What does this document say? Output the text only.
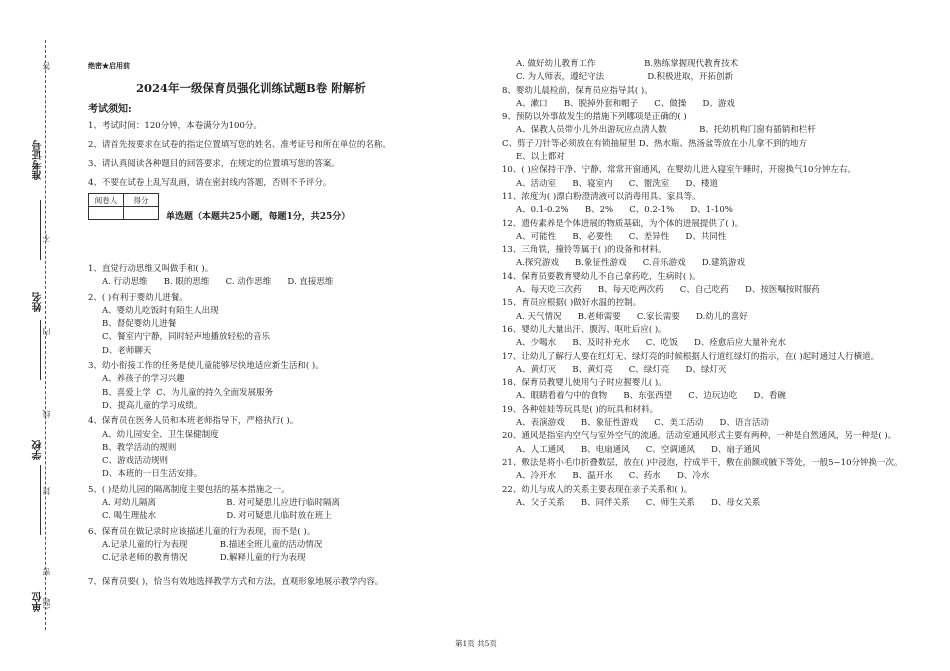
准考证号
姓名
学校
单位
答
不
内
线
封
密
(题
绝密★启用前
2024年一级保育员强化训练试题B卷 附解析
考试须知:
1、考试时间：120分钟，本卷满分为100分。
2、请首先按要求在试卷的指定位置填写您的姓名、准考证号和所在单位的名称。
3、请认真阅读各种题目的回答要求，在规定的位置填写您的答案。
4、不要在试卷上乱写乱画，请在密封线内答题，否则不予评分。
阅卷人	得分

单选题（本题共25小题，每题1分，共25分）
1、直觉行动思维又叫做手和( )。
A. 行动思维      B. 眼的思维      C. 动作思维      D. 直接思维
2、( )有利于婴幼儿进餐。
A、婴幼儿吃饭时有陌生人出现
B、督促婴幼儿进餐
C、餐室内宁静，同时轻声地播放轻松的音乐
D、老师聊天
3、幼小衔接工作的任务是使儿童能够尽快地适应新生活和( )。
A、养孩子的学习兴趣
B、喜爱上学  C、为儿童的持久全面发展服务
D、提高儿童的学习成绩。
4、保育员在医务人员和本班老师指导下，严格执行( )。
A、幼儿园安全、卫生保健制度
B、教学活动的规则
C、游戏活动规则
D、本班的一日生活安排。
5、( )是幼儿园的隔离制度主要包括的基本措施之一。
A. 对幼儿隔离                          B. 对可疑患儿应进行临时隔离
C. 喝生理盐水                          D. 对可疑患儿临时放在班上
6、保育员在做记录时应该描述儿童的行为表现，而不是( )。
A.记录儿童的行为表现            B.描述全班儿童的活动情况
C.记录老师的教育情况            D.解释儿童的行为表现
7、保育员要( )，恰当有效地选择教学方式和方法，直观形象地展示教学内容。
A. 做好幼儿教育工作                  B.熟练掌握现代教育技术
C. 为人师表，遵纪守法                D.积极进取，开拓创新
8、婴幼儿晨检前，保育员应指导其( )。
A、漱口      B、脱掉外套和帽子      C、做操      D、游戏
9、预防以外事故发生的措施下列哪项是正确的( )
A、保教人员带小儿外出游玩应点清人数            B、托幼机构门窗有插销和栏杆
C、剪子刀针等必须放在有锁抽屉里 D、热水瓶、热汤盆等放在小儿拿不到的地方
E、以上都对
10、( )应保持干净、宁静、常常开窗通风，在婴幼儿进入寝室午睡时，开窗换气10分钟左右。
A、活动室      B、寝室内      C、盥洗室      D、楼道
11、浓度为( )漂白粉澄清液可以消毒用具、家具等。
A、0.1-0.2%      B、2%      C、0.2-1%      D、1-10%
12、遗传素养是个体进展的物质基础，为个体的进展提供了( )。
A、可能性      B、必要性      C、差异性      D、共同性
13、三角铁，撞铃等属于( )的设备和材料。
A.探究游戏      B.象征性游戏      C.音乐游戏      D.建筑游戏
14、保育员要教育婴幼儿不自己拿药吃，生病时( )。
A、每天吃三次药      B、每天吃两次药      C、自己吃药      D、按医嘱按时服药
15、育员应根据( )做好水温的控制。
A. 天气情况      B.老师需要      C.家长需要      D.幼儿的喜好
16、婴幼儿大量出汗、腹泻、呕吐后应( )。
A、少喝水      B、及时补充水      C、吃饭      D、痊愈后应大量补充水
17、让幼儿了解行人要在红灯无、绿灯亮的时候根据人行道红绿灯的指示，在( )起时通过人行横道。
A、黄灯灭      B、黄灯亮      C、绿灯亮      D、绿灯灭
18、保育员教婴儿使用勺子时应握婴儿( )。
A、眼睛看着勺中的食物      B、东张西望      C、边玩边吃      D、看碗
19、各种娃娃等玩具是( )的玩具和材料。
A、表演游戏      B、象征性游戏      C、美工活动      D、语言活动
20、通风是指室内空气与室外空气的流通。活动室通风形式主要有两种，一种是自然通风，另一种是( )。
A、人工通风      B、电扇通风      C、空调通风      D、扇子通风
21、敷法是将小毛巾折叠数层，放在( )中浸泡，拧成半干，敷在前额或腋下等处，一般5~10分钟换一次。
A、冷开水      B、温开水      C、药水      D、冷水
22、幼儿与成人的关系主要表现在亲子关系和( )。
A、父子关系      B、同伴关系      C、师生关系      D、母女关系
第1页 共5页
